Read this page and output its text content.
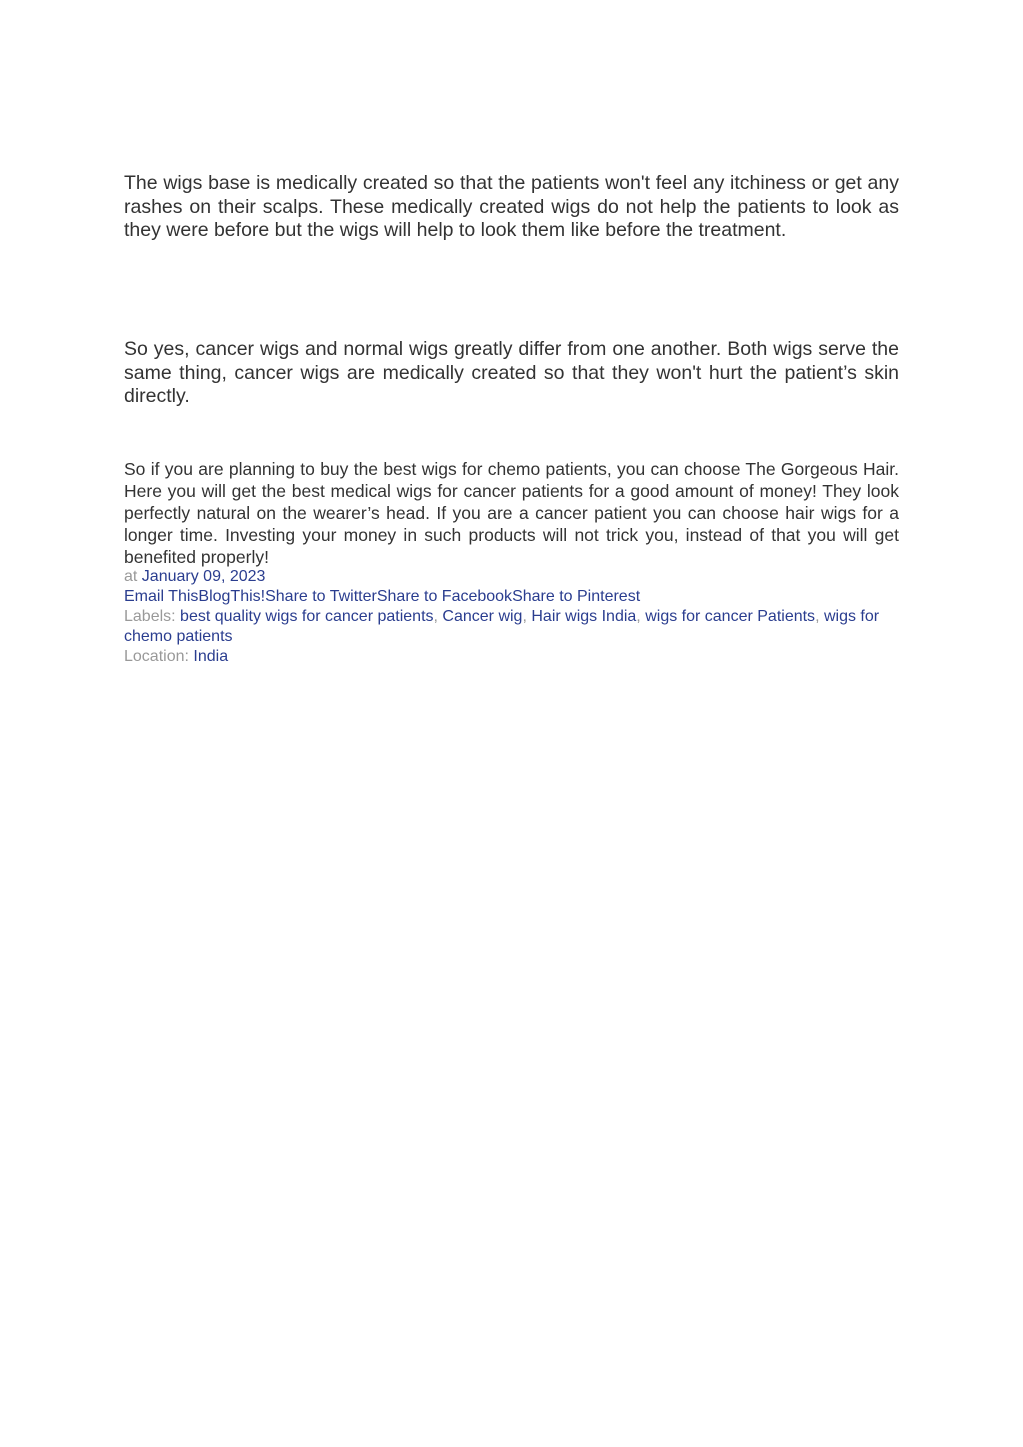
The wigs base is medically created so that the patients won't feel any itchiness or get any rashes on their scalps. These medically created wigs do not help the patients to look as they were before but the wigs will help to look them like before the treatment.

So yes, cancer wigs and normal wigs greatly differ from one another. Both wigs serve the same thing, cancer wigs are medically created so that they won't hurt the patient’s skin directly.

So if you are planning to buy the best wigs for chemo patients, you can choose The Gorgeous Hair. Here you will get the best medical wigs for cancer patients for a good amount of money! They look perfectly natural on the wearer’s head. If you are a cancer patient you can choose hair wigs for a longer time. Investing your money in such products will not trick you, instead of that you will get benefited properly!

at January 09, 2023
Email ThisBlogThis!Share to TwitterShare to FacebookShare to Pinterest
Labels: best quality wigs for cancer patients, Cancer wig, Hair wigs India, wigs for cancer Patients, wigs for chemo patients
Location: India
